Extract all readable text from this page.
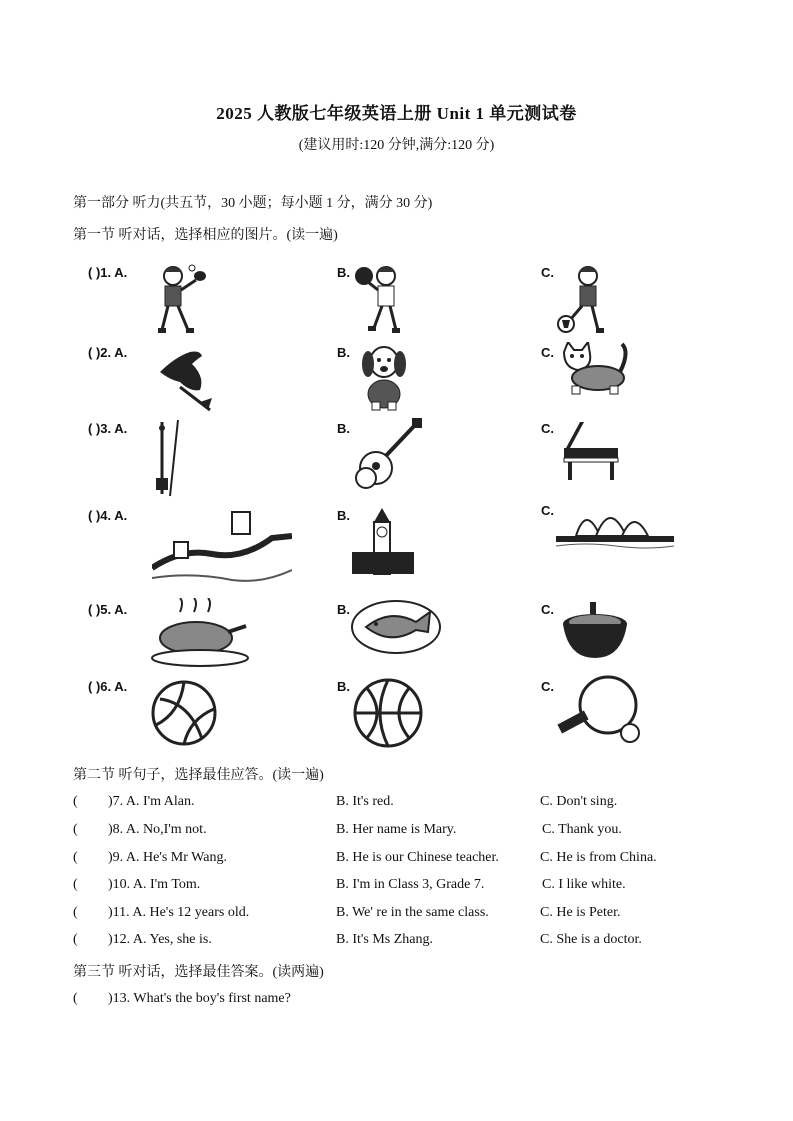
2025 人教版七年级英语上册 Unit 1 单元测试卷
(建议用时:120 分钟,满分:120 分)
第一部分 听力(共五节，30 小题；每小题 1 分，满分 30 分)
第一节 听对话，选择相应的图片。(读一遍)
( )1. A.	B.	C.
( )2. A.	B.	C.
( )3. A.	B.	C.
( )4. A.	B.	C.
( )5. A.	B.	C.
( )6. A.	B.	C.
第二节 听句子，选择最佳应答。(读一遍)
( )7. A. I'm Alan.	B. It's red.	C. Don't sing.
( )8. A. No,I'm not.	B. Her name is Mary.	C. Thank you.
( )9. A. He's Mr Wang.	B. He is our Chinese teacher.	C. He is from China.
( )10. A. I'm Tom.	B. I'm in Class 3, Grade 7.	C. I like white.
( )11. A. He's 12 years old.	B. We' re in the same class.	C. He is Peter.
( )12. A. Yes, she is.	B. It's Ms Zhang.	C. She is a doctor.
第三节 听对话，选择最佳答案。(读两遍)
( )13. What's the boy's first name?
